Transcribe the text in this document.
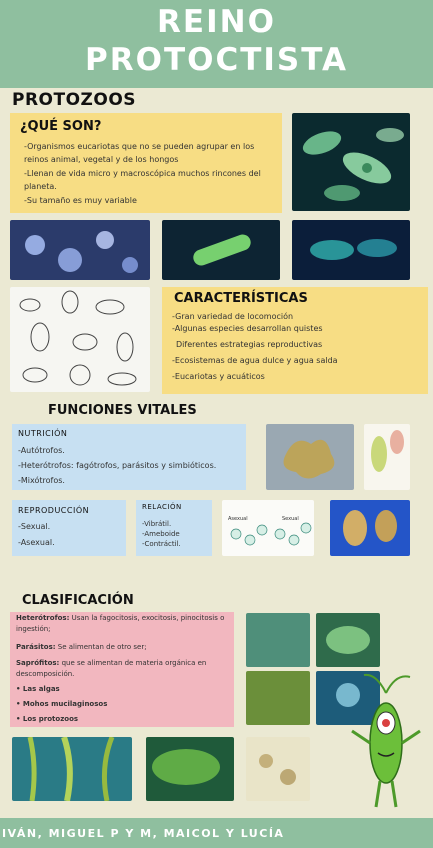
REINO
PROTOCTISTA
PROTOZOOS
¿QUÉ SON?
-Organismos eucariotas que no se pueden agrupar en los reinos animal, vegetal y de los hongos
-Llenan de vida micro y macroscópica muchos rincones del planeta.
-Su tamaño es muy variable
CARACTERÍSTICAS
-Gran variedad de locomoción
-Algunas especies desarrollan quistes
Diferentes estrategias reproductivas
-Ecosistemas de agua dulce y agua salda
-Eucariotas y acuáticos
FUNCIONES VITALES
NUTRICIÓN
-Autótrofos.
-Heterótrofos: fagótrofos, parásitos y simbióticos.
-Mixótrofos.
REPRODUCCIÓN
-Sexual.
-Asexual.
RELACIÓN
-Vibrátil.
-Ameboide
-Contráctil.
Asexual	Sexual
CLASIFICACIÓN
Heterótrofos: Usan la fagocitosis, exocitosis, pinocitosis o ingestión;
Parásitos: Se alimentan de otro ser;
Saprófitos: que se alimentan de materia orgánica en descomposición.
• Las algas
• Mohos mucilaginosos
• Los protozoos
IVÁN, MIGUEL P Y M, MAICOL Y LUCÍA
